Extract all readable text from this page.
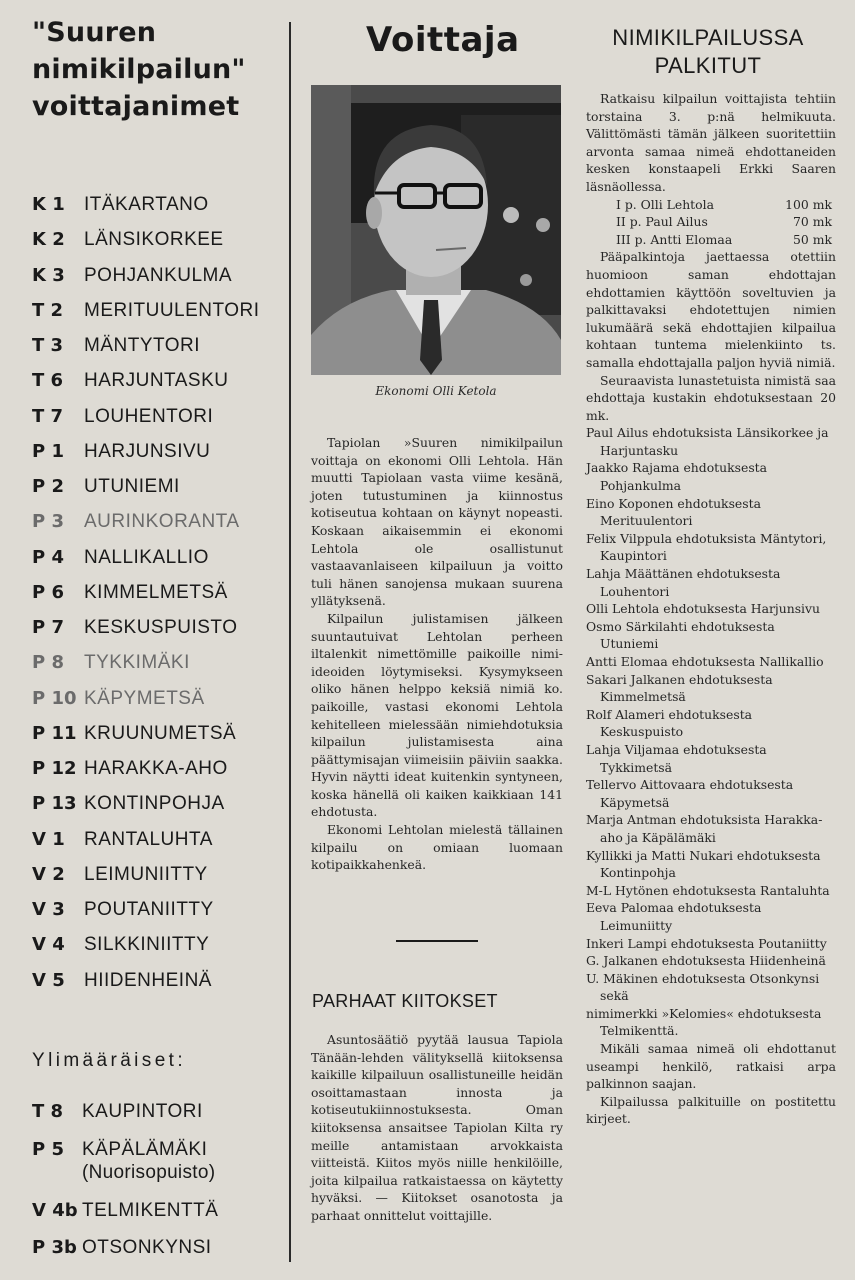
"Suuren
nimikilpailun"
voittajanimet
K 1 ITÄKARTANO
K 2 LÄNSIKORKEE
K 3 POHJANKULMA
T 2 MERITUULENTORI
T 3 MÄNTYTORI
T 6 HARJUNTASKU
T 7 LOUHENTORI
P 1 HARJUNSIVU
P 2 UTUNIEMI
P 3 AURINKORANTA
P 4 NALLIKALLIO
P 6 KIMMELMETSÄ
P 7 KESKUSPUISTO
P 8 TYKKIMÄKI
P 10 KÄPYMETSÄ
P 11 KRUUNUMETSÄ
P 12 HARAKKA-AHO
P 13 KONTINPOHJA
V 1 RANTALUHTA
V 2 LEIMUNIITTY
V 3 POUTANIITTY
V 4 SILKKINIITTY
V 5 HIIDENHEINÄ
Ylimääräiset:
T 8 KAUPINTORI
P 5 KÄPÄLÄMÄKI
(Nuorisopuisto)
V 4b TELMIKENTTÄ
P 3b OTSONKYNSI
Voittaja
Ekonomi Olli Ketola

Tapiolan »Suuren nimikilpailun voittaja on ekonomi Olli Lehtola. Hän muutti Tapiolaan vasta viime kesänä, joten tutustuminen ja kiinnostus kotiseutua kohtaan on käynyt nopeasti. Koskaan aikaisemmin ei ekonomi Lehtola ole osallistunut vastaavanlaiseen kilpailuun ja voitto tuli hänen sanojensa mukaan suurena yllätyksenä.

Kilpailun julistamisen jälkeen suuntautuivat Lehtolan perheen iltalenkit nimettömille paikoille nimi-ideoiden löytymiseksi. Kysymykseen oliko hänen helppo keksiä nimiä ko. paikoille, vastasi ekonomi Lehtola kehitelleen mielessään nimiehdotuksia kilpailun julistamisesta aina päättymisajan viimeisiin päiviin saakka. Hyvin näytti ideat kuitenkin syntyneen, koska hänellä oli kaiken kaikkiaan 141 ehdotusta.

Ekonomi Lehtolan mielestä tällainen kilpailu on omiaan luomaan kotipaikkahenkeä.

PARHAAT KIITOKSET

Asuntosäätiö pyytää lausua Tapiola Tänään-lehden välityksellä kiitoksensa kaikille kilpailuun osallistuneille heidän osoittamastaan innosta ja kotiseutukiinnostuksesta. Oman kiitoksensa ansaitsee Tapiolan Kilta ry meille antamistaan arvokkaista viitteistä. Kiitos myös niille henkilöille, joita kilpailua ratkaistaessa on käytetty hyväksi. — Kiitokset osanotosta ja parhaat onnittelut voittajille.

NIMIKILPAILUSSA
PALKITUT

Ratkaisu kilpailun voittajista tehtiin torstaina 3. p:nä helmikuuta. Välittömästi tämän jälkeen suoritettiin arvonta samaa nimeä ehdottaneiden kesken konstaapeli Erkki Saaren läsnäollessa.

I p. Olli Lehtola	100 mk
II p. Paul Ailus	70 mk
III p. Antti Elomaa	50 mk

Pääpalkintoja jaettaessa otettiin huomioon saman ehdottajan ehdottamien käyttöön soveltuvien ja palkittavaksi ehdotettujen nimien lukumäärä sekä ehdottajien kilpailua kohtaan tuntema mielenkiinto ts. samalla ehdottajalla paljon hyviä nimiä.

Seuraavista lunastetuista nimistä saa ehdottaja kustakin ehdotuksestaan 20 mk.

Paul Ailus ehdotuksista Länsikorkee ja Harjuntasku

Jaakko Rajama ehdotuksesta Pohjankulma

Eino Koponen ehdotuksesta Merituulentori

Felix Vilppula ehdotuksista Mäntytori, Kaupintori

Lahja Määttänen ehdotuksesta Louhentori

Olli Lehtola ehdotuksesta Harjunsivu

Osmo Särkilahti ehdotuksesta Utuniemi

Antti Elomaa ehdotuksesta Nallikallio

Sakari Jalkanen ehdotuksesta Kimmelmetsä

Rolf Alameri ehdotuksesta Keskuspuisto

Lahja Viljamaa ehdotuksesta Tykkimetsä

Tellervo Aittovaara ehdotuksesta Käpymetsä

Marja Antman ehdotuksista Harakka-aho ja Käpälämäki

Kyllikki ja Matti Nukari ehdotuksesta Kontinpohja

M-L Hytönen ehdotuksesta Rantaluhta

Eeva Palomaa ehdotuksesta Leimuniitty

Inkeri Lampi ehdotuksesta Poutaniitty

G. Jalkanen ehdotuksesta Hiidenheinä

U. Mäkinen ehdotuksesta Otsonkynsi sekä

nimimerkki »Kelomies« ehdotuksesta Telmikenttä.

Mikäli samaa nimeä oli ehdottanut useampi henkilö, ratkaisi arpa palkinnon saajan.

Kilpailussa palkituille on postitettu kirjeet.
